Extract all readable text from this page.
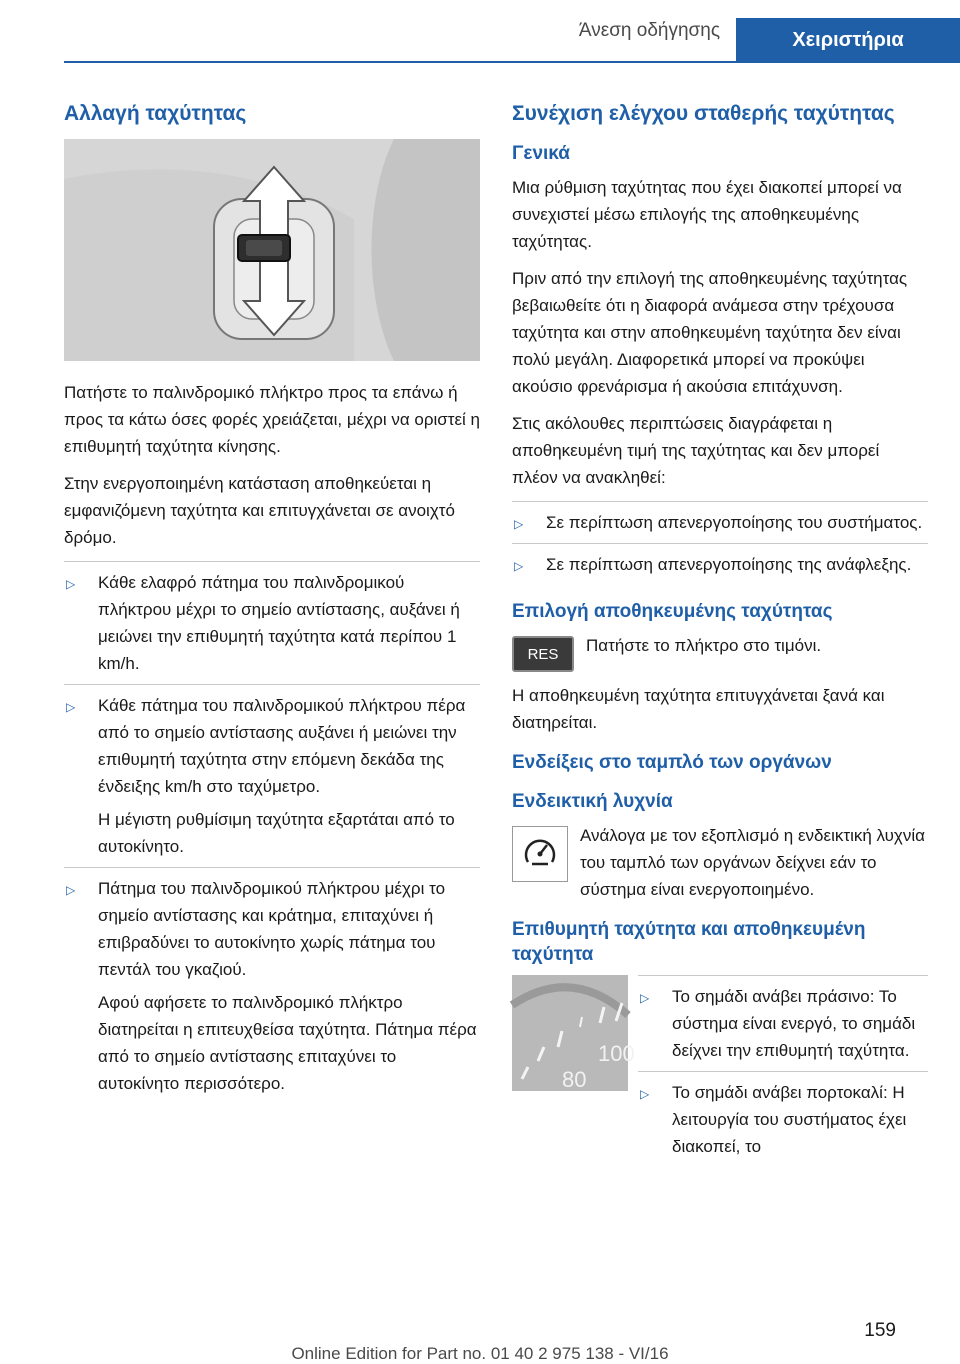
Άνεση οδήγησης	Χειριστήρια
Αλλαγή ταχύτητας

Πατήστε το παλινδρομικό πλήκτρο προς τα επάνω ή προς τα κάτω όσες φορές χρειάζεται, μέχρι να οριστεί η επιθυμητή ταχύτητα κίνησης.

Στην ενεργοποιημένη κατάσταση αποθηκεύεται η εμφανιζόμενη ταχύτητα και επιτυγχάνεται σε ανοιχτό δρόμο.

▷ Κάθε ελαφρό πάτημα του παλινδρομικού πλήκτρου μέχρι το σημείο αντίστασης, αυξάνει ή μειώνει την επιθυμητή ταχύτητα κατά περίπου 1 km/h.
▷ Κάθε πάτημα του παλινδρομικού πλήκτρου πέρα από το σημείο αντίστασης αυξάνει ή μειώνει την επιθυμητή ταχύτητα στην επόμενη δεκάδα της ένδειξης km/h στο ταχύμετρο.

Η μέγιστη ρυθμίσιμη ταχύτητα εξαρτάται από το αυτοκίνητο.

▷ Πάτημα του παλινδρομικού πλήκτρου μέχρι το σημείο αντίστασης και κράτημα, επιταχύνει ή επιβραδύνει το αυτοκίνητο χωρίς πάτημα του πεντάλ του γκαζιού.

Αφού αφήσετε το παλινδρομικό πλήκτρο διατηρείται η επιτευχθείσα ταχύτητα. Πάτημα πέρα από το σημείο αντίστασης επιταχύνει το αυτοκίνητο περισσότερο.

Συνέχιση ελέγχου σταθερής ταχύτητας
Γενικά

Μια ρύθμιση ταχύτητας που έχει διακοπεί μπορεί να συνεχιστεί μέσω επιλογής της αποθηκευμένης ταχύτητας.

Πριν από την επιλογή της αποθηκευμένης ταχύτητας βεβαιωθείτε ότι η διαφορά ανάμεσα στην τρέχουσα ταχύτητα και στην αποθηκευμένη ταχύτητα δεν είναι πολύ μεγάλη. Διαφορετικά μπορεί να προκύψει ακούσιο φρενάρισμα ή ακούσια επιτάχυνση.

Στις ακόλουθες περιπτώσεις διαγράφεται η αποθηκευμένη τιμή της ταχύτητας και δεν μπορεί πλέον να ανακληθεί:

▷ Σε περίπτωση απενεργοποίησης του συστήματος.
▷ Σε περίπτωση απενεργοποίησης της ανάφλεξης.
Επιλογή αποθηκευμένης ταχύτητας
RES	Πατήστε το πλήκτρο στο τιμόνι.

Η αποθηκευμένη ταχύτητα επιτυγχάνεται ξανά και διατηρείται.

Ενδείξεις στο ταμπλό των οργάνων
Ενδεικτική λυχνία

Ανάλογα με τον εξοπλισμό η ενδεικτική λυχνία του ταμπλό των οργάνων δείχνει εάν το σύστημα είναι ενεργοποιημένο.

Επιθυμητή ταχύτητα και αποθηκευμένη ταχύτητα
100
80
▷ Το σημάδι ανάβει πράσινο: Το σύστημα είναι ενεργό, το σημάδι δείχνει την επιθυμητή ταχύτητα.
▷ Το σημάδι ανάβει πορτοκαλί: Η λειτουργία του συστήματος έχει διακοπεί, το
159
Online Edition for Part no. 01 40 2 975 138 - VI/16
